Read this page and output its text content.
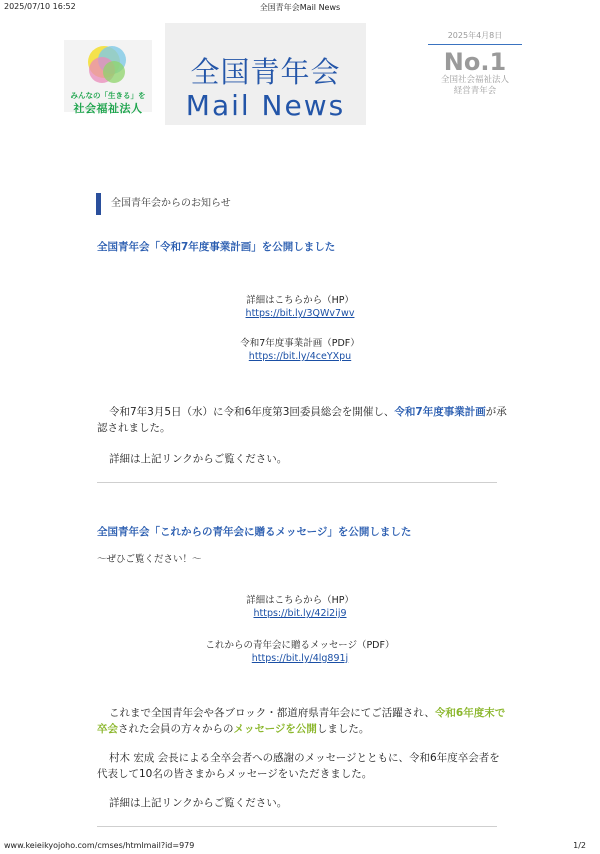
2025/07/10 16:52	全国青年会Mail News
みんなの「生きる」を
社会福祉法人
全国青年会
Mail News
2025年4月8日
No.1
全国社会福祉法人
経営青年会
全国青年会からのお知らせ
全国青年会「令和7年度事業計画」を公開しました
詳細はこちらから（HP）
https://bit.ly/3QWv7wv
令和7年度事業計画（PDF）
https://bit.ly/4ceYXpu
令和7年3月5日（水）に令和6年度第3回委員総会を開催し、令和7年度事業計画が承認されました。
詳細は上記リンクからご覧ください。
全国青年会「これからの青年会に贈るメッセージ」を公開しました
～ぜひご覧ください！～
詳細はこちらから（HP）
https://bit.ly/42i2ij9
これからの青年会に贈るメッセージ（PDF）
https://bit.ly/4lg891j
これまで全国青年会や各ブロック・都道府県青年会にてご活躍され、令和6年度末で卒会された会員の方々からのメッセージを公開しました。
村木 宏成 会長による全卒会者への感謝のメッセージとともに、令和6年度卒会者を代表して10名の皆さまからメッセージをいただきました。
詳細は上記リンクからご覧ください。
www.keieikyojoho.com/cmses/htmlmail?id=979	1/2
